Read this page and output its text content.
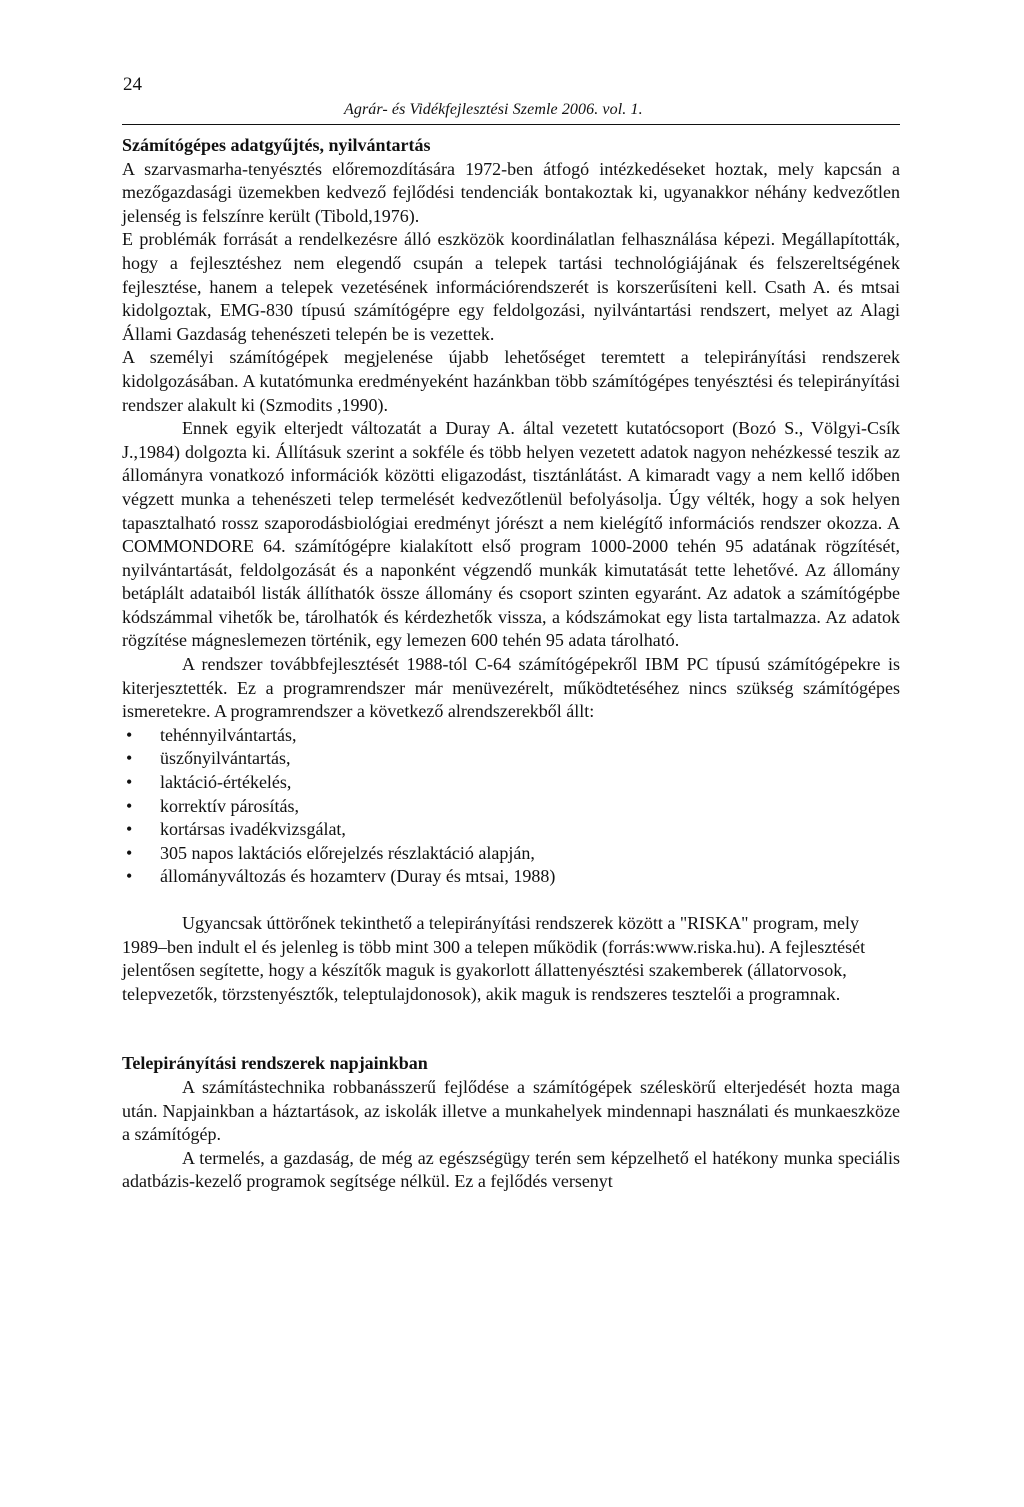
24
Agrár- és Vidékfejlesztési Szemle 2006. vol. 1.
Számítógépes adatgyűjtés, nyilvántartás

A szarvasmarha-tenyésztés előremozdítására 1972-ben átfogó intézkedéseket hoztak, mely kapcsán a mezőgazdasági üzemekben kedvező fejlődési tendenciák bontakoztak ki, ugyanakkor néhány kedvezőtlen jelenség is felszínre került (Tibold,1976).

E problémák forrását a rendelkezésre álló eszközök koordinálatlan felhasználása képezi. Megállapították, hogy a fejlesztéshez nem elegendő csupán a telepek tartási technológiájának és felszereltségének fejlesztése, hanem a telepek vezetésének információrendszerét is korszerűsíteni kell. Csath A. és mtsai kidolgoztak, EMG-830 típusú számítógépre egy feldolgozási, nyilvántartási rendszert, melyet az Alagi Állami Gazdaság tehenészeti telepén be is vezettek.

A személyi számítógépek megjelenése újabb lehetőséget teremtett a telepirányítási rendszerek kidolgozásában. A kutatómunka eredményeként hazánkban több számítógépes tenyésztési és telepirányítási rendszer alakult ki (Szmodits ,1990).

Ennek egyik elterjedt változatát a Duray A. által vezetett kutatócsoport (Bozó S., Völgyi-Csík J.,1984) dolgozta ki. Állításuk szerint a sokféle és több helyen vezetett adatok nagyon nehézkessé teszik az állományra vonatkozó információk közötti eligazodást, tisztánlátást. A kimaradt vagy a nem kellő időben végzett munka a tehenészeti telep termelését kedvezőtlenül befolyásolja. Úgy vélték, hogy a sok helyen tapasztalható rossz szaporodásbiológiai eredményt jórészt a nem kielégítő információs rendszer okozza. A COMMONDORE 64. számítógépre kialakított első program 1000-2000 tehén 95 adatának rögzítését, nyilvántartását, feldolgozását és a naponként végzendő munkák kimutatását tette lehetővé. Az állomány betáplált adataiból listák állíthatók össze állomány és csoport szinten egyaránt. Az adatok a számítógépbe kódszámmal vihetők be, tárolhatók és kérdezhetők vissza, a kódszámokat egy lista tartalmazza. Az adatok rögzítése mágneslemezen történik, egy lemezen 600 tehén 95 adata tárolható.

A rendszer továbbfejlesztését 1988-tól C-64 számítógépekről IBM PC típusú számítógépekre is kiterjesztették. Ez a programrendszer már menüvezérelt, működtetéséhez nincs szükség számítógépes ismeretekre. A programrendszer a következő alrendszerekből állt:

• tehénnyilvántartás,
• üszőnyilvántartás,
• laktáció-értékelés,
• korrektív párosítás,
• kortársas ivadékvizsgálat,
• 305 napos laktációs előrejelzés részlaktáció alapján,
• állományváltozás és hozamterv (Duray és mtsai, 1988)

Ugyancsak úttörőnek tekinthető a telepirányítási rendszerek között a "RISKA" program, mely 1989–ben indult el és jelenleg is több mint 300 a telepen működik (forrás:www.riska.hu). A fejlesztését jelentősen segítette, hogy a készítők maguk is gyakorlott állattenyésztési szakemberek (állatorvosok, telepvezetők, törzstenyésztők, teleptulajdonosok), akik maguk is rendszeres tesztelői a programnak.

Telepirányítási rendszerek napjainkban

A számítástechnika robbanásszerű fejlődése a számítógépek széleskörű elterjedését hozta maga után. Napjainkban a háztartások, az iskolák illetve a munkahelyek mindennapi használati és munkaeszköze a számítógép.

A termelés, a gazdaság, de még az egészségügy terén sem képzelhető el hatékony munka speciális adatbázis-kezelő programok segítsége nélkül. Ez a fejlődés versenyt
